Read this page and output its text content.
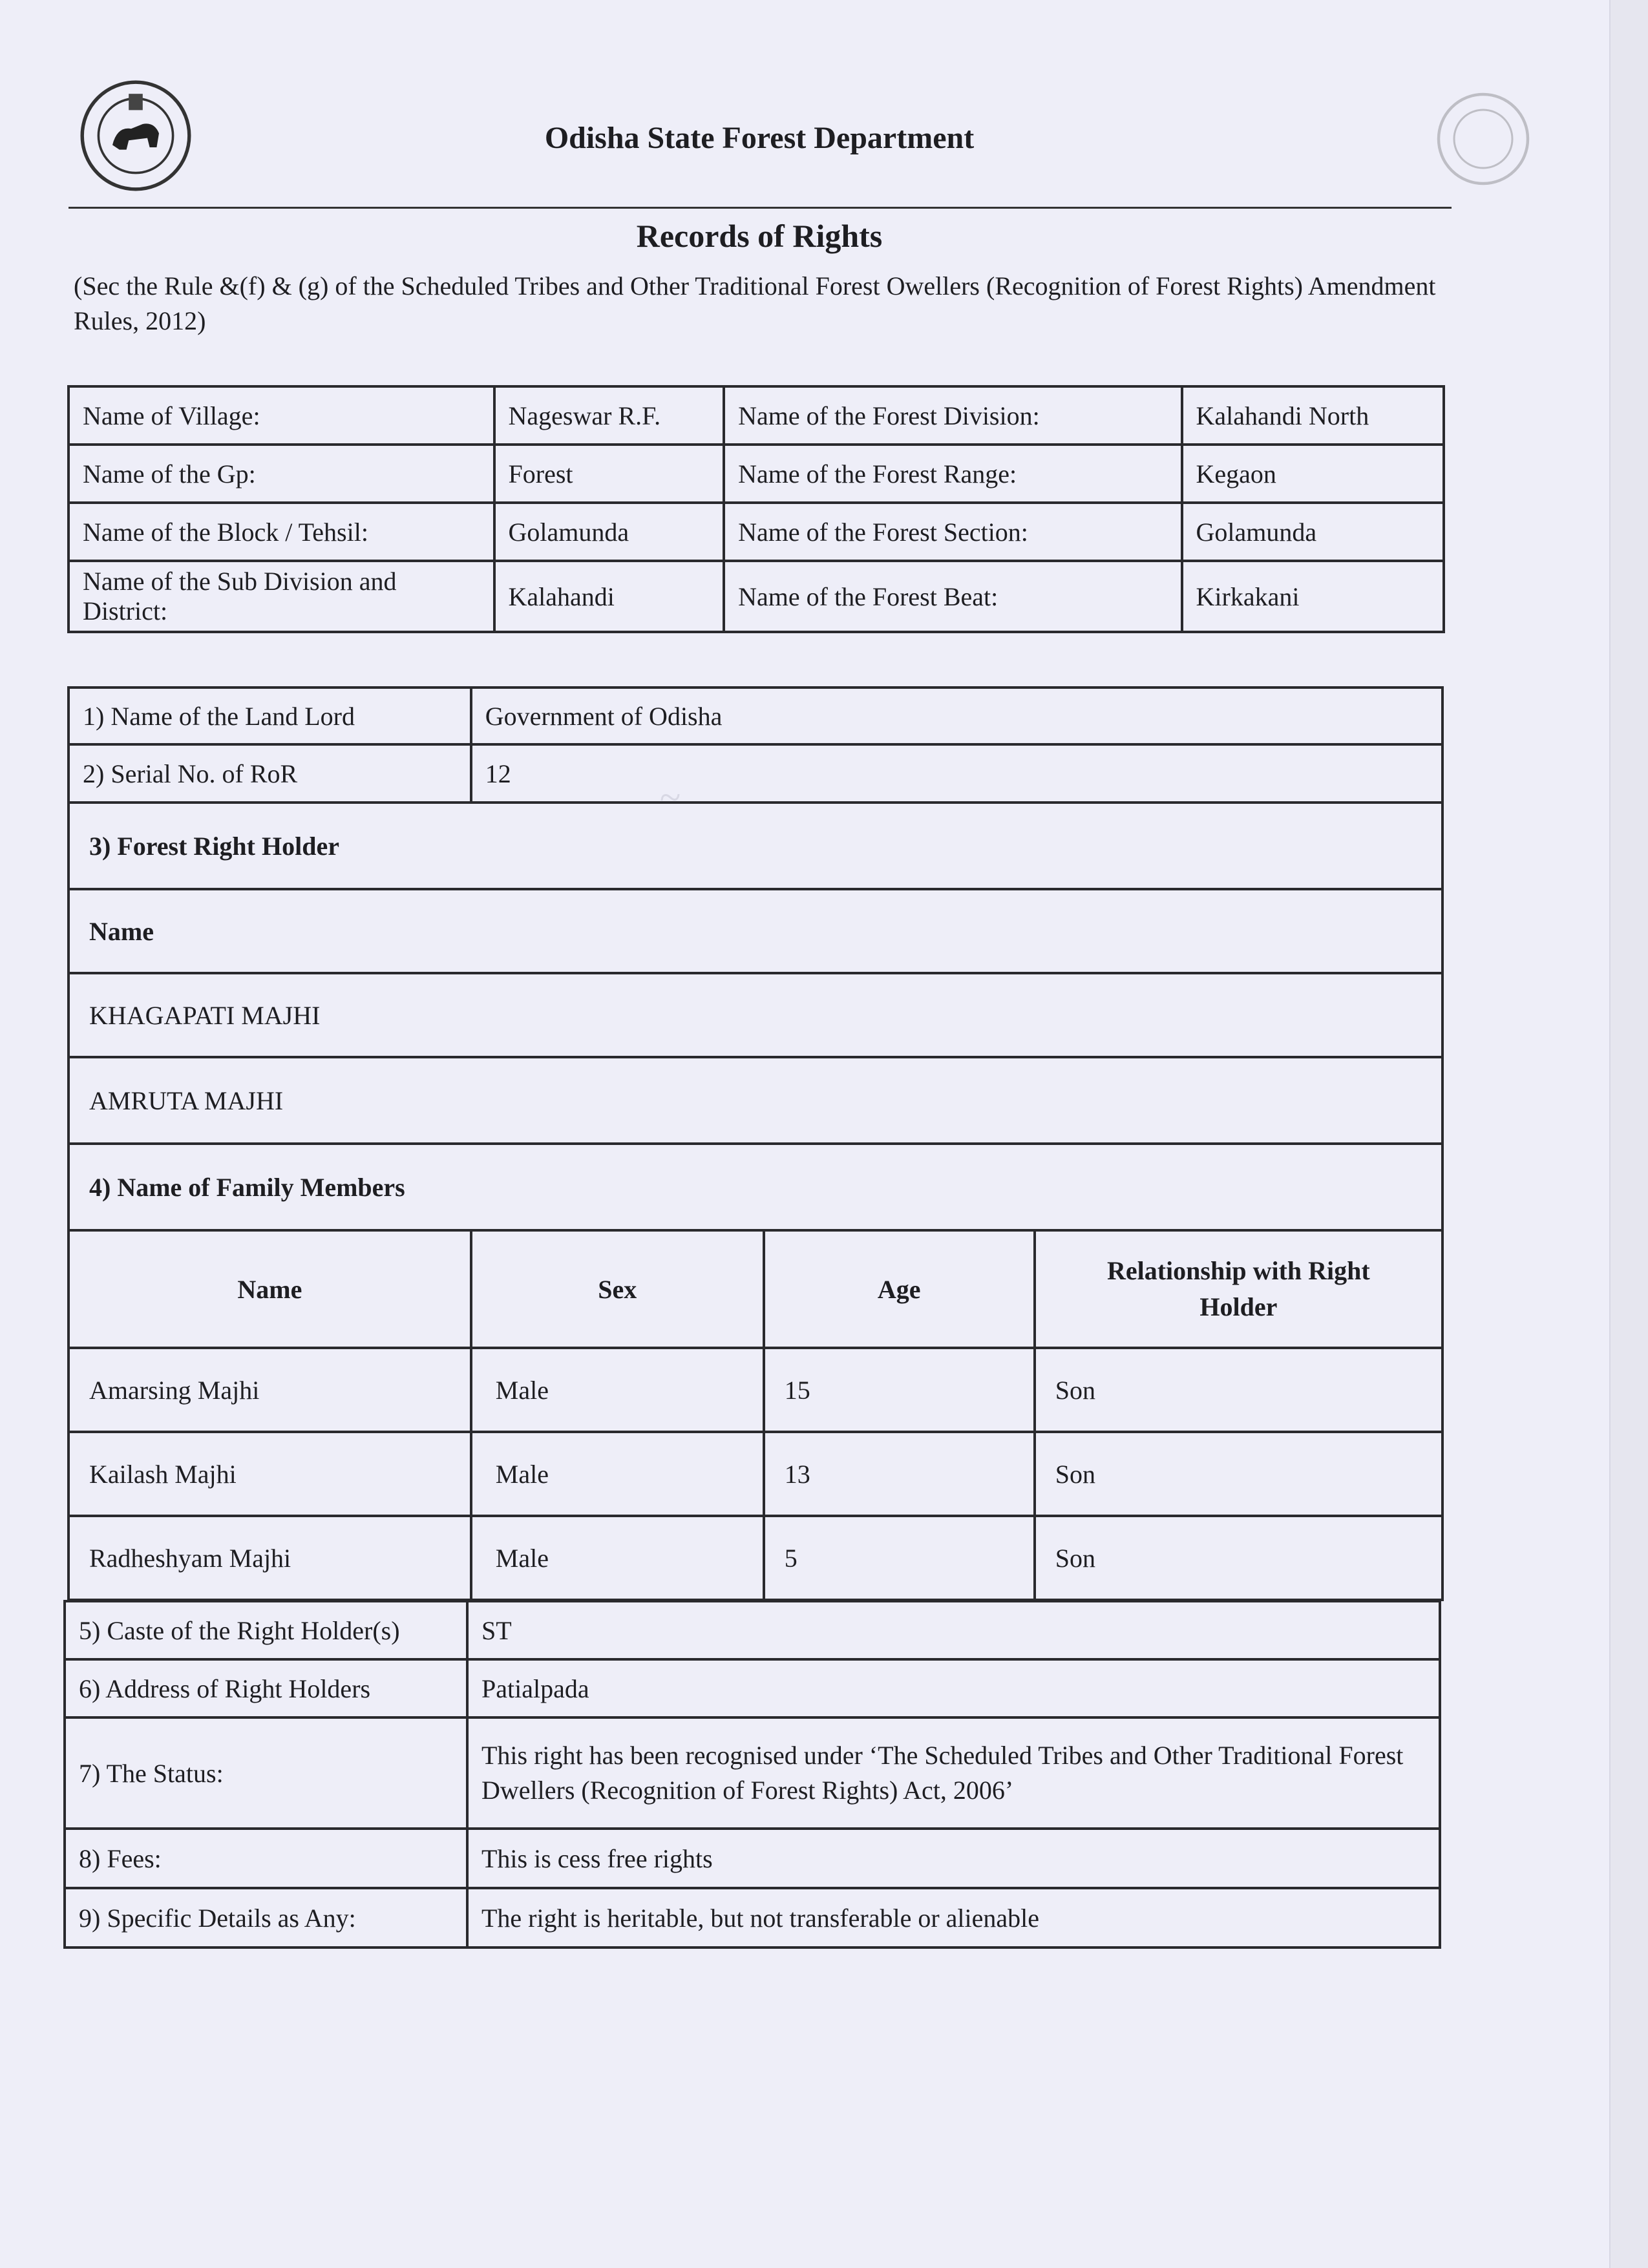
Odisha State Forest Department
Records of Rights
(Sec the Rule &(f) & (g) of the Scheduled Tribes and Other Traditional Forest Owellers (Recognition of Forest Rights) Amendment Rules, 2012)
Name of Village:	Nageswar R.F.	Name of the Forest Division:	Kalahandi North
Name of the Gp:	Forest	Name of the Forest Range:	Kegaon
Name of the Block / Tehsil:	Golamunda	Name of the Forest Section:	Golamunda
Name of the Sub Division and District:	Kalahandi	Name of the Forest Beat:	Kirkakani
~
1) Name of the Land Lord	Government of Odisha		
2) Serial No. of RoR	12		
3) Forest Right Holder			
Name			
KHAGAPATI MAJHI			
AMRUTA MAJHI			
4) Name of Family Members			
Name	Sex	Age	Relationship with Right Holder
Amarsing Majhi	Male	15	Son
Kailash Majhi	Male	13	Son
Radheshyam Majhi	Male	5	Son
5) Caste of the Right Holder(s)	ST
6) Address of Right Holders	Patialpada
7) The Status:	This right has been recognised under ‘The Scheduled Tribes and Other Traditional Forest Dwellers (Recognition of Forest Rights) Act, 2006’
8) Fees:	This is cess free rights
9) Specific Details as Any:	The right is heritable, but not transferable or alienable
